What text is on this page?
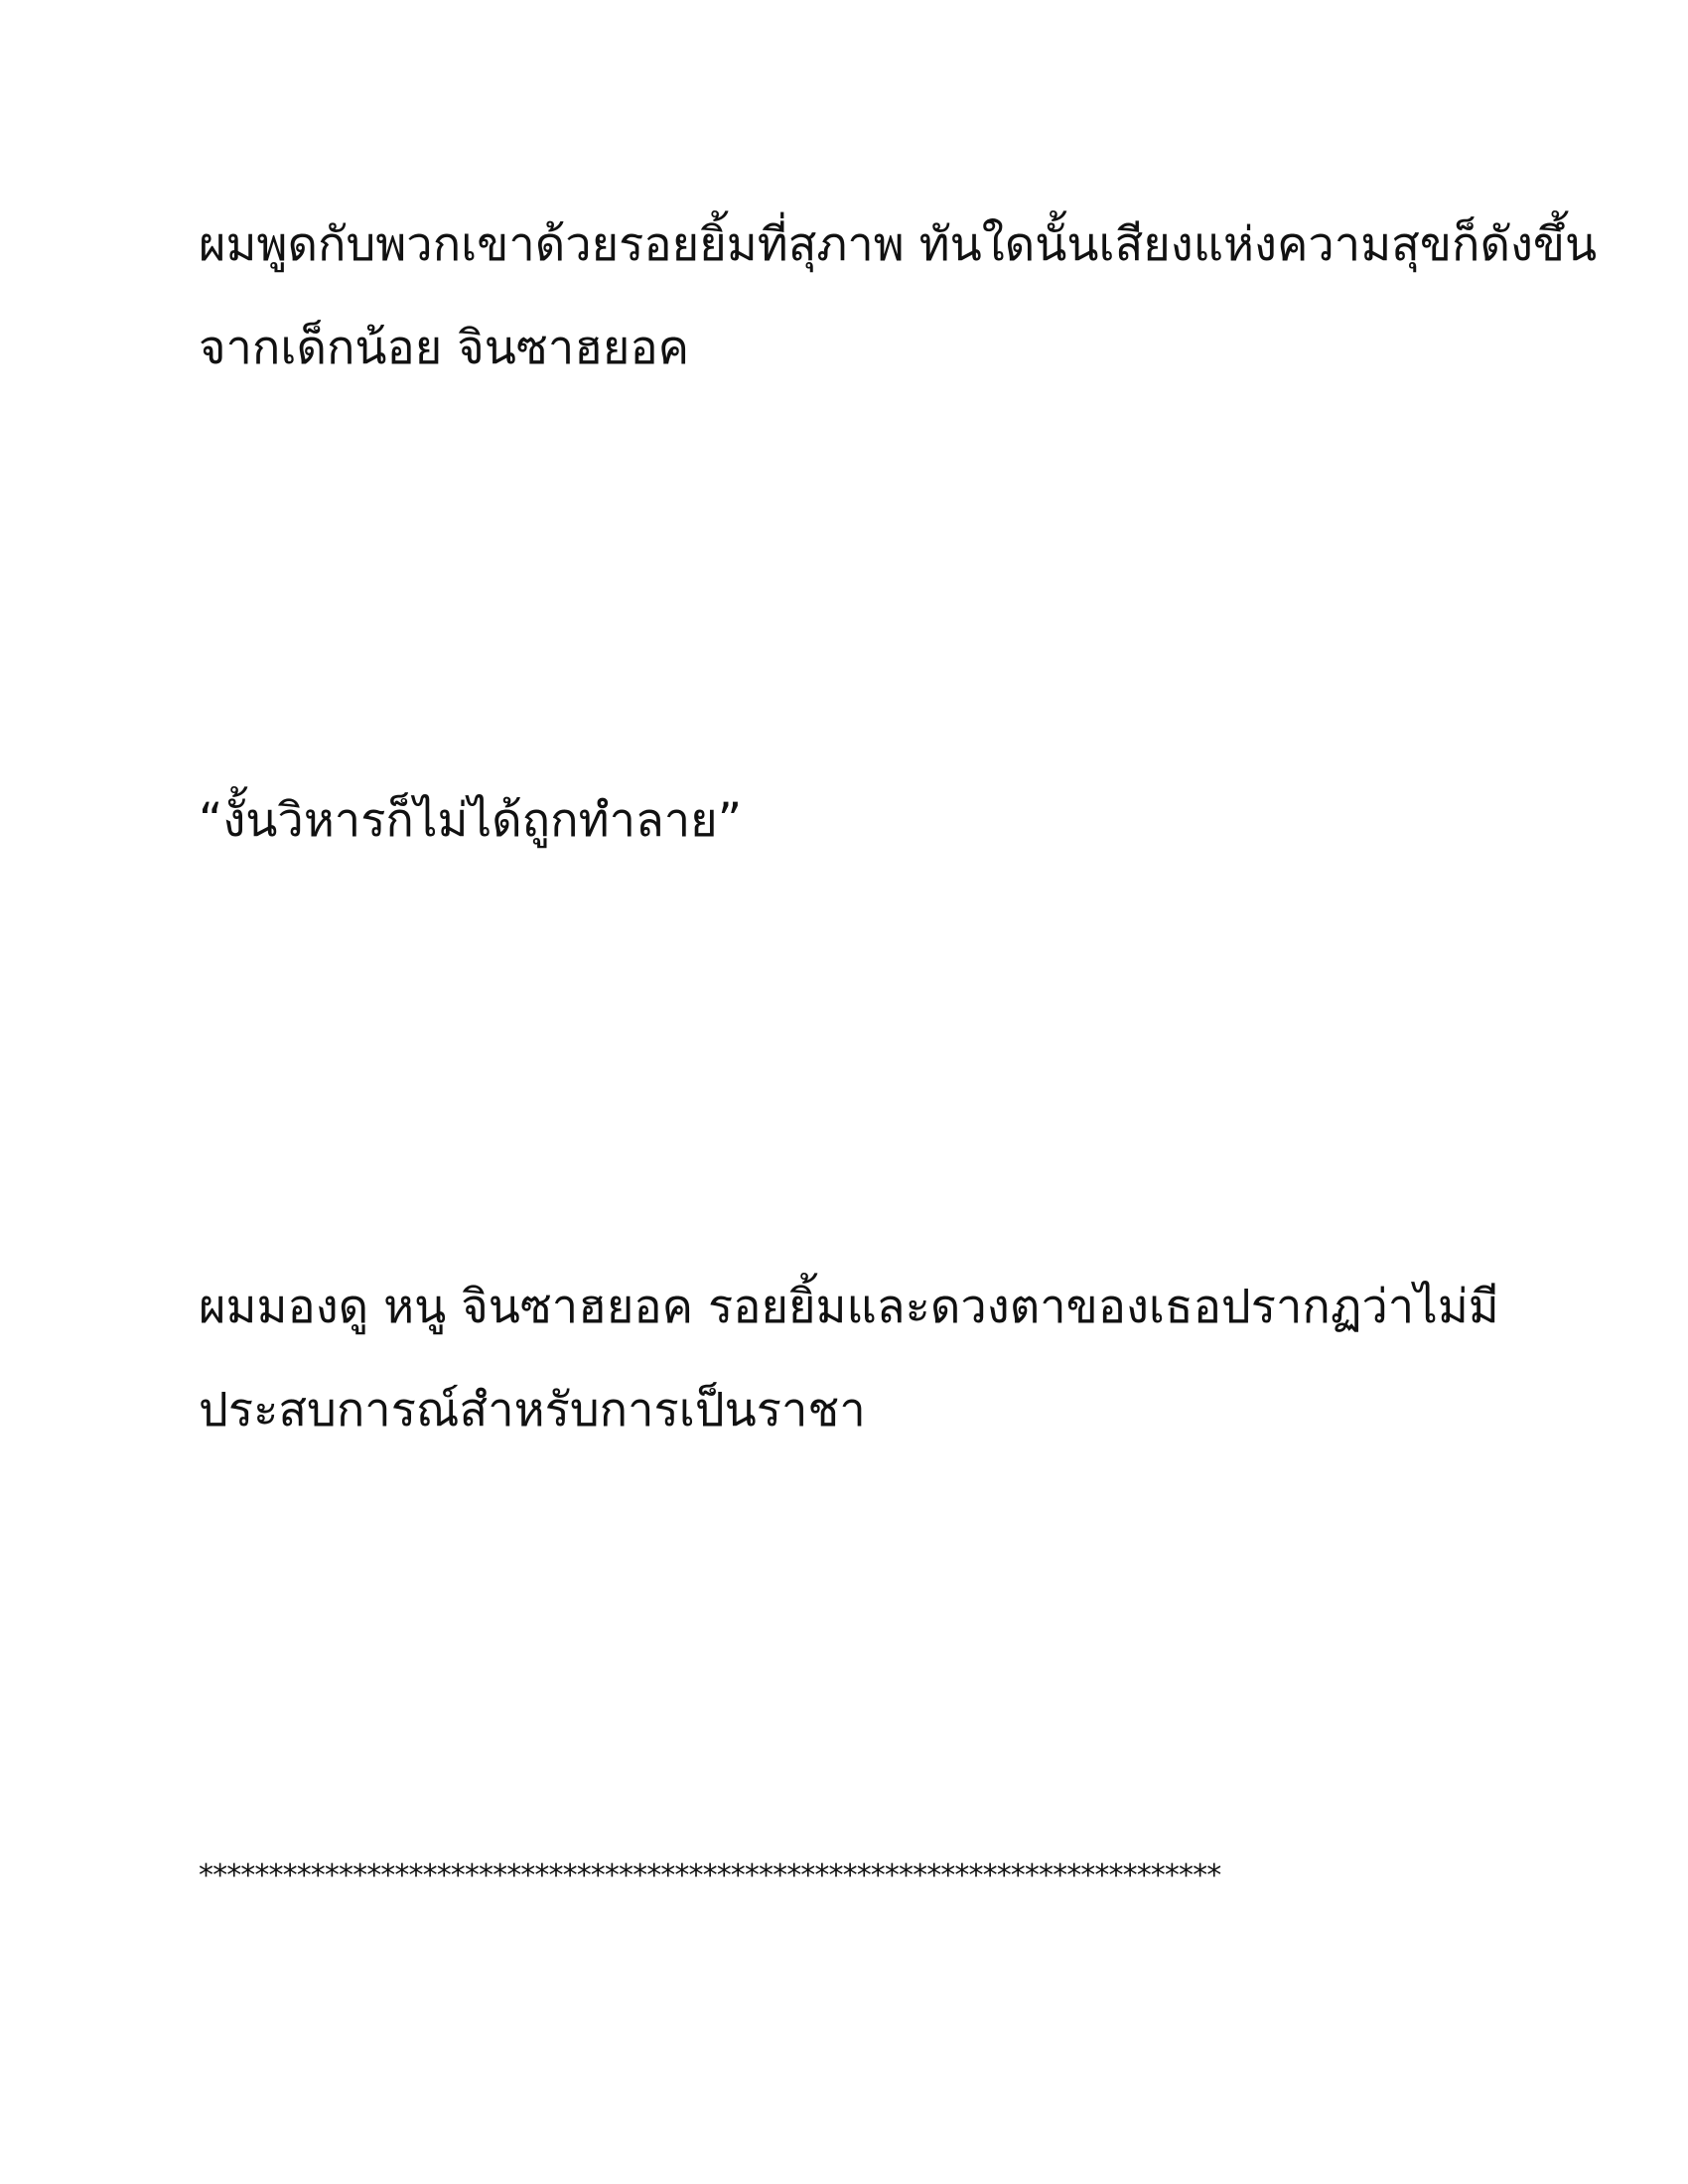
ผมพูดกับพวกเขาด้วยรอยยิ้มที่สุภาพ ทันใดนั้นเสียงแห่งความสุขก็ดังขึ้น
จากเด็กน้อย จินซาฮยอค
“งั้นวิหารก็ไม่ได้ถูกทำลาย”
ผมมองดู หนู จินซาฮยอค รอยยิ้มและดวงตาของเธอปรากฏว่าไม่มี
ประสบการณ์สำหรับการเป็นราชา
*************************************************************************
